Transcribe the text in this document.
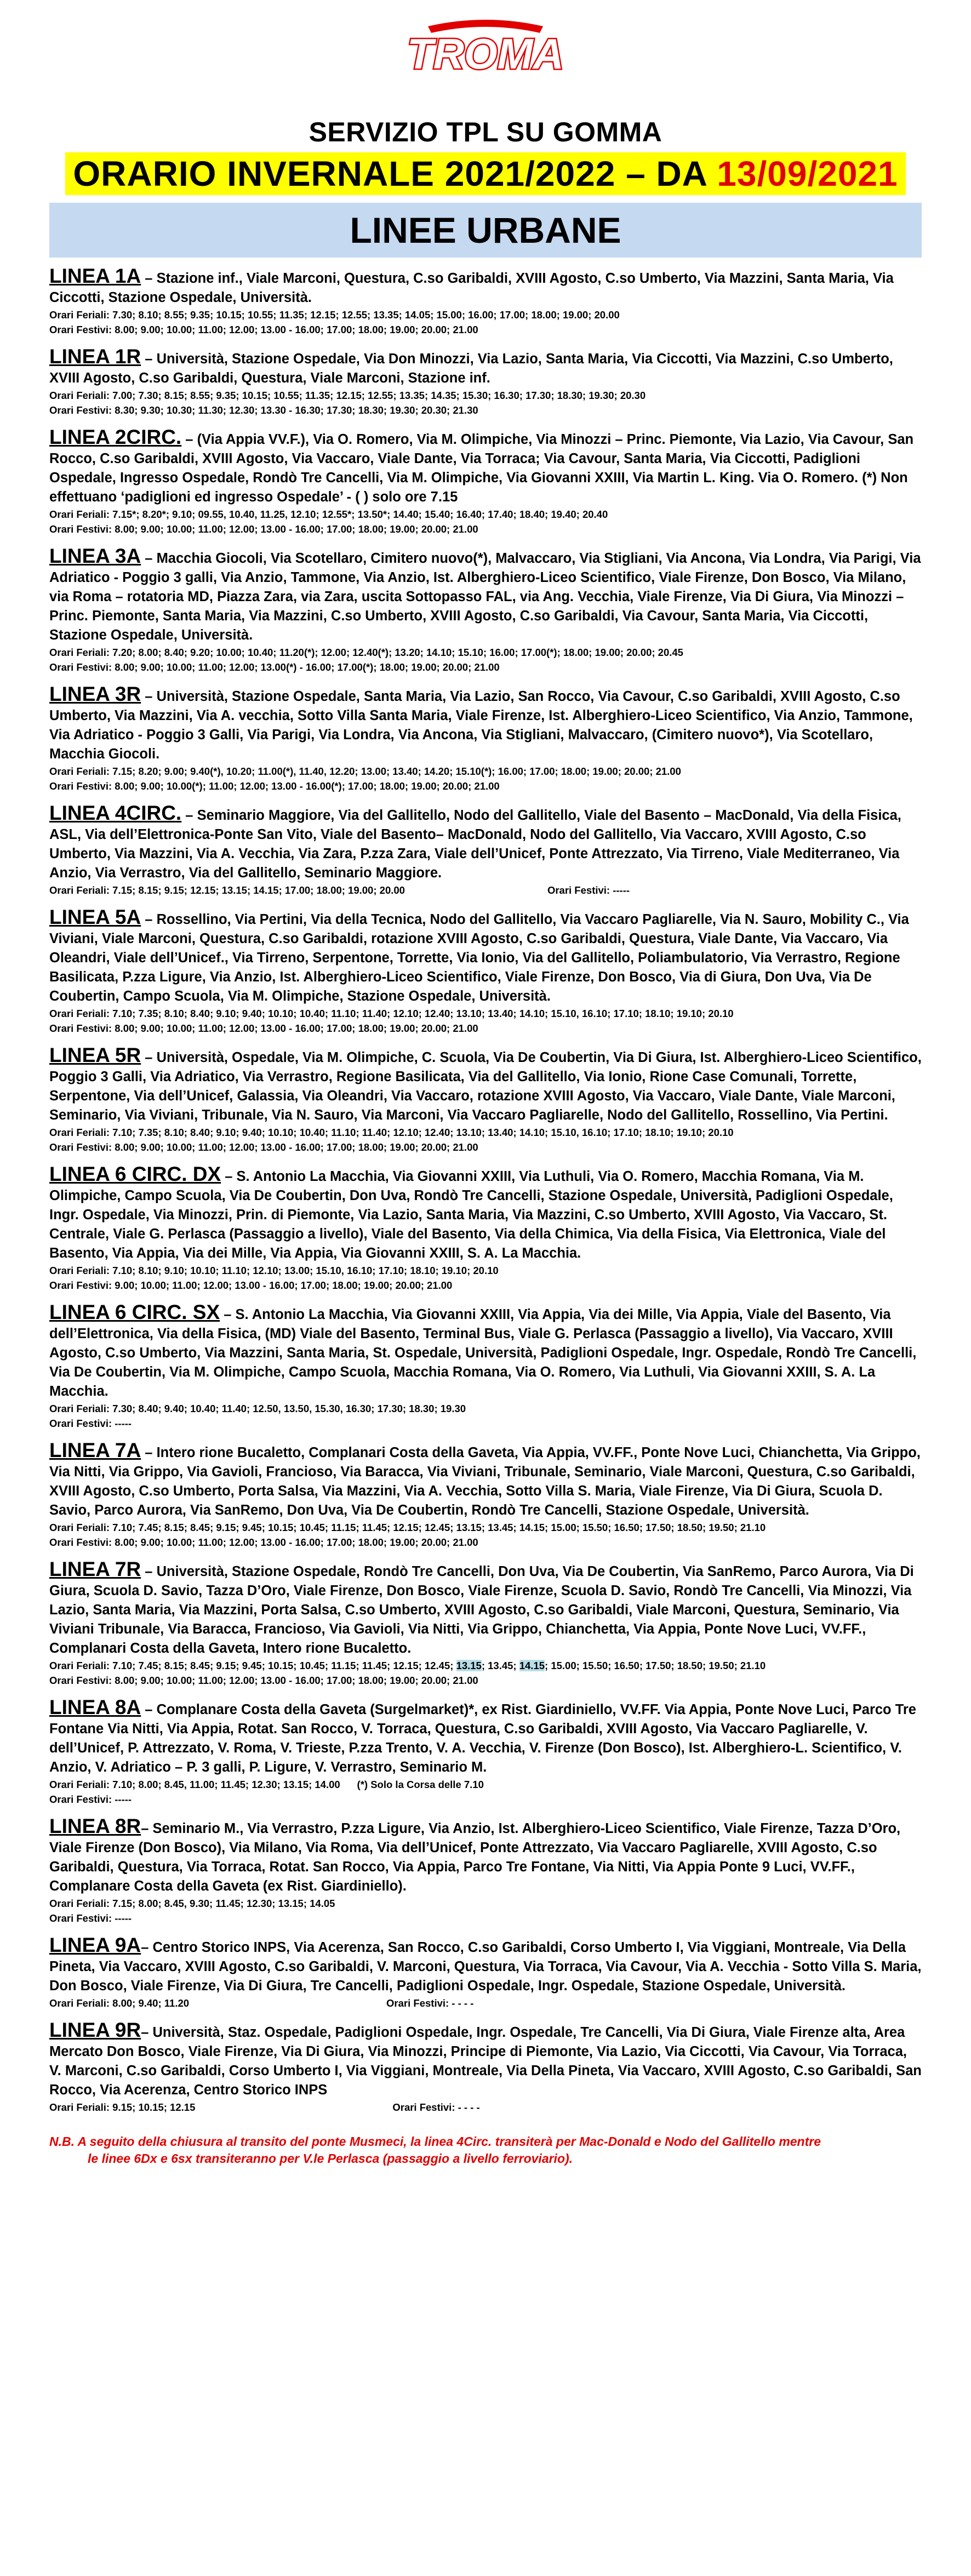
TROMA
SERVIZIO TPL SU GOMMA
ORARIO INVERNALE 2021/2022 – DA 13/09/2021
LINEE URBANE
LINEA 1A – Stazione inf., Viale Marconi, Questura, C.so Garibaldi, XVIII Agosto, C.so Umberto, Via Mazzini, Santa Maria, Via Ciccotti, Stazione Ospedale, Università.
Orari Feriali: 7.30; 8.10; 8.55; 9.35; 10.15; 10.55; 11.35; 12.15; 12.55; 13.35; 14.05; 15.00; 16.00; 17.00; 18.00; 19.00; 20.00
Orari Festivi: 8.00; 9.00; 10.00; 11.00; 12.00; 13.00 - 16.00; 17.00; 18.00; 19.00; 20.00; 21.00
LINEA 1R – Università, Stazione Ospedale, Via Don Minozzi, Via Lazio, Santa Maria, Via Ciccotti, Via Mazzini, C.so Umberto, XVIII Agosto, C.so Garibaldi, Questura, Viale Marconi, Stazione inf.
Orari Feriali: 7.00; 7.30; 8.15; 8.55; 9.35; 10.15; 10.55; 11.35; 12.15; 12.55; 13.35; 14.35; 15.30; 16.30; 17.30; 18.30; 19.30; 20.30
Orari Festivi: 8.30; 9.30; 10.30; 11.30; 12.30; 13.30 - 16.30; 17.30; 18.30; 19.30; 20.30; 21.30
LINEA 2CIRC. – (Via Appia VV.F.), Via O. Romero, Via M. Olimpiche, Via Minozzi – Princ. Piemonte, Via Lazio, Via Cavour, San Rocco, C.so Garibaldi, XVIII Agosto, Via Vaccaro, Viale Dante, Via Torraca; Via Cavour, Santa Maria, Via Ciccotti, Padiglioni Ospedale, Ingresso Ospedale, Rondò Tre Cancelli, Via M. Olimpiche, Via Giovanni XXIII, Via Martin L. King. Via O. Romero. (*) Non effettuano ‘padiglioni ed ingresso Ospedale’ - ( ) solo ore 7.15
Orari Feriali: 7.15*; 8.20*; 9.10; 09.55, 10.40, 11.25, 12.10; 12.55*; 13.50*; 14.40; 15.40; 16.40; 17.40; 18.40; 19.40; 20.40
Orari Festivi: 8.00; 9.00; 10.00; 11.00; 12.00; 13.00 - 16.00; 17.00; 18.00; 19.00; 20.00; 21.00
LINEA 3A – Macchia Giocoli, Via Scotellaro, Cimitero nuovo(*), Malvaccaro, Via Stigliani, Via Ancona, Via Londra, Via Parigi, Via Adriatico - Poggio 3 galli, Via Anzio, Tammone, Via Anzio, Ist. Alberghiero-Liceo Scientifico, Viale Firenze, Don Bosco, Via Milano, via Roma – rotatoria MD, Piazza Zara, via Zara, uscita Sottopasso FAL, via Ang. Vecchia, Viale Firenze, Via Di Giura, Via Minozzi – Princ. Piemonte, Santa Maria, Via Mazzini, C.so Umberto, XVIII Agosto, C.so Garibaldi, Via Cavour, Santa Maria, Via Ciccotti, Stazione Ospedale, Università.
Orari Feriali: 7.20; 8.00; 8.40; 9.20; 10.00; 10.40; 11.20(*); 12.00; 12.40(*); 13.20; 14.10; 15.10; 16.00; 17.00(*); 18.00; 19.00; 20.00; 20.45
Orari Festivi: 8.00; 9.00; 10.00; 11.00; 12.00; 13.00(*) - 16.00; 17.00(*); 18.00; 19.00; 20.00; 21.00
LINEA 3R – Università, Stazione Ospedale, Santa Maria, Via Lazio, San Rocco, Via Cavour, C.so Garibaldi, XVIII Agosto, C.so Umberto, Via Mazzini, Via A. vecchia, Sotto Villa Santa Maria, Viale Firenze, Ist. Alberghiero-Liceo Scientifico, Via Anzio, Tammone, Via Adriatico - Poggio 3 Galli, Via Parigi, Via Londra, Via Ancona, Via Stigliani, Malvaccaro, (Cimitero nuovo*), Via Scotellaro, Macchia Giocoli.
Orari Feriali: 7.15; 8.20; 9.00; 9.40(*), 10.20; 11.00(*), 11.40, 12.20; 13.00; 13.40; 14.20; 15.10(*); 16.00; 17.00; 18.00; 19.00; 20.00; 21.00
Orari Festivi: 8.00; 9.00; 10.00(*); 11.00; 12.00; 13.00 - 16.00(*); 17.00; 18.00; 19.00; 20.00; 21.00
LINEA 4CIRC. – Seminario Maggiore, Via del Gallitello, Nodo del Gallitello, Viale del Basento – MacDonald, Via della Fisica, ASL, Via dell’Elettronica-Ponte San Vito, Viale del Basento– MacDonald, Nodo del Gallitello, Via Vaccaro, XVIII Agosto, C.so Umberto, Via Mazzini, Via A. Vecchia, Via Zara, P.zza Zara, Viale dell’Unicef, Ponte Attrezzato, Via Tirreno, Viale Mediterraneo, Via Anzio, Via Verrastro, Via del Gallitello, Seminario Maggiore.
Orari Feriali: 7.15; 8.15; 9.15; 12.15; 13.15; 14.15; 17.00; 18.00; 19.00; 20.00	Orari Festivi: -----
LINEA 5A – Rossellino, Via Pertini, Via della Tecnica, Nodo del Gallitello, Via Vaccaro Pagliarelle, Via N. Sauro, Mobility C., Via Viviani, Viale Marconi, Questura, C.so Garibaldi, rotazione XVIII Agosto, C.so Garibaldi, Questura, Viale Dante, Via Vaccaro, Via Oleandri, Viale dell’Unicef., Via Tirreno, Serpentone, Torrette, Via Ionio, Via del Gallitello, Poliambulatorio, Via Verrastro, Regione Basilicata, P.zza Ligure, Via Anzio, Ist. Alberghiero-Liceo Scientifico, Viale Firenze, Don Bosco, Via di Giura, Don Uva, Via De Coubertin, Campo Scuola, Via M. Olimpiche, Stazione Ospedale, Università.
Orari Feriali: 7.10; 7.35; 8.10; 8.40; 9.10; 9.40; 10.10; 10.40; 11.10; 11.40; 12.10; 12.40; 13.10; 13.40; 14.10; 15.10, 16.10; 17.10; 18.10; 19.10; 20.10
Orari Festivi: 8.00; 9.00; 10.00; 11.00; 12.00; 13.00 - 16.00; 17.00; 18.00; 19.00; 20.00; 21.00
LINEA 5R – Università, Ospedale, Via M. Olimpiche, C. Scuola, Via De Coubertin, Via Di Giura, Ist. Alberghiero-Liceo Scientifico, Poggio 3 Galli, Via Adriatico, Via Verrastro, Regione Basilicata, Via del Gallitello, Via Ionio, Rione Case Comunali, Torrette, Serpentone, Via dell’Unicef, Galassia, Via Oleandri, Via Vaccaro, rotazione XVIII Agosto, Via Vaccaro, Viale Dante, Viale Marconi, Seminario, Via Viviani, Tribunale, Via N. Sauro, Via Marconi, Via Vaccaro Pagliarelle, Nodo del Gallitello, Rossellino, Via Pertini.
Orari Feriali: 7.10; 7.35; 8.10; 8.40; 9.10; 9.40; 10.10; 10.40; 11.10; 11.40; 12.10; 12.40; 13.10; 13.40; 14.10; 15.10, 16.10; 17.10; 18.10; 19.10; 20.10
Orari Festivi: 8.00; 9.00; 10.00; 11.00; 12.00; 13.00 - 16.00; 17.00; 18.00; 19.00; 20.00; 21.00
LINEA 6 CIRC. DX – S. Antonio La Macchia, Via Giovanni XXIII, Via Luthuli, Via O. Romero, Macchia Romana, Via M. Olimpiche, Campo Scuola, Via De Coubertin, Don Uva, Rondò Tre Cancelli, Stazione Ospedale, Università, Padiglioni Ospedale, Ingr. Ospedale, Via Minozzi, Prin. di Piemonte, Via Lazio, Santa Maria, Via Mazzini, C.so Umberto, XVIII Agosto, Via Vaccaro, St. Centrale, Viale G. Perlasca (Passaggio a livello), Viale del Basento, Via della Chimica, Via della Fisica, Via Elettronica, Viale del Basento, Via Appia, Via dei Mille, Via Appia, Via Giovanni XXIII, S. A. La Macchia.
Orari Feriali: 7.10; 8.10; 9.10; 10.10; 11.10; 12.10; 13.00; 15.10, 16.10; 17.10; 18.10; 19.10; 20.10
Orari Festivi: 9.00; 10.00; 11.00; 12.00; 13.00 - 16.00; 17.00; 18.00; 19.00; 20.00; 21.00
LINEA 6 CIRC. SX – S. Antonio La Macchia, Via Giovanni XXIII, Via Appia, Via dei Mille, Via Appia, Viale del Basento, Via dell’Elettronica, Via della Fisica, (MD) Viale del Basento, Terminal Bus, Viale G. Perlasca (Passaggio a livello), Via Vaccaro, XVIII Agosto, C.so Umberto, Via Mazzini, Santa Maria, St. Ospedale, Università, Padiglioni Ospedale, Ingr. Ospedale, Rondò Tre Cancelli, Via De Coubertin, Via M. Olimpiche, Campo Scuola, Macchia Romana, Via O. Romero, Via Luthuli, Via Giovanni XXIII, S. A. La Macchia.
Orari Feriali: 7.30; 8.40; 9.40; 10.40; 11.40; 12.50, 13.50, 15.30, 16.30; 17.30; 18.30; 19.30
Orari Festivi: -----
LINEA 7A – Intero rione Bucaletto, Complanari Costa della Gaveta, Via Appia, VV.FF., Ponte Nove Luci, Chianchetta, Via Grippo, Via Nitti, Via Grippo, Via Gavioli, Francioso, Via Baracca, Via Viviani, Tribunale, Seminario, Viale Marconi, Questura, C.so Garibaldi, XVIII Agosto, C.so Umberto, Porta Salsa, Via Mazzini, Via A. Vecchia, Sotto Villa S. Maria, Viale Firenze, Via Di Giura, Scuola D. Savio, Parco Aurora, Via SanRemo, Don Uva, Via De Coubertin, Rondò Tre Cancelli, Stazione Ospedale, Università.
Orari Feriali: 7.10; 7.45; 8.15; 8.45; 9.15; 9.45; 10.15; 10.45; 11.15; 11.45; 12.15; 12.45; 13.15; 13.45; 14.15; 15.00; 15.50; 16.50; 17.50; 18.50; 19.50; 21.10
Orari Festivi: 8.00; 9.00; 10.00; 11.00; 12.00; 13.00 - 16.00; 17.00; 18.00; 19.00; 20.00; 21.00
LINEA 7R – Università, Stazione Ospedale, Rondò Tre Cancelli, Don Uva, Via De Coubertin, Via SanRemo, Parco Aurora, Via Di Giura, Scuola D. Savio, Tazza D’Oro, Viale Firenze, Don Bosco, Viale Firenze, Scuola D. Savio, Rondò Tre Cancelli, Via Minozzi, Via Lazio, Santa Maria, Via Mazzini, Porta Salsa, C.so Umberto, XVIII Agosto, C.so Garibaldi, Viale Marconi, Questura, Seminario, Via Viviani Tribunale, Via Baracca, Francioso, Via Gavioli, Via Nitti, Via Grippo, Chianchetta, Via Appia, Ponte Nove Luci, VV.FF., Complanari Costa della Gaveta, Intero rione Bucaletto.
Orari Feriali: 7.10; 7.45; 8.15; 8.45; 9.15; 9.45; 10.15; 10.45; 11.15; 11.45; 12.15; 12.45; 13.15; 13.45; 14.15; 15.00; 15.50; 16.50; 17.50; 18.50; 19.50; 21.10
Orari Festivi: 8.00; 9.00; 10.00; 11.00; 12.00; 13.00 - 16.00; 17.00; 18.00; 19.00; 20.00; 21.00
LINEA 8A – Complanare Costa della Gaveta (Surgelmarket)*, ex Rist. Giardiniello, VV.FF. Via Appia, Ponte Nove Luci, Parco Tre Fontane Via Nitti, Via Appia, Rotat. San Rocco, V. Torraca, Questura, C.so Garibaldi, XVIII Agosto, Via Vaccaro Pagliarelle, V. dell’Unicef, P. Attrezzato, V. Roma, V. Trieste, P.zza Trento, V. A. Vecchia, V. Firenze (Don Bosco), Ist. Alberghiero-L. Scientifico, V. Anzio, V. Adriatico – P. 3 galli, P. Ligure, V. Verrastro, Seminario M.
Orari Feriali: 7.10; 8.00; 8.45, 11.00; 11.45; 12.30; 13.15; 14.00 (*) Solo la Corsa delle 7.10
Orari Festivi: -----
LINEA 8R– Seminario M., Via Verrastro, P.zza Ligure, Via Anzio, Ist. Alberghiero-Liceo Scientifico, Viale Firenze, Tazza D’Oro, Viale Firenze (Don Bosco), Via Milano, Via Roma, Via dell’Unicef, Ponte Attrezzato, Via Vaccaro Pagliarelle, XVIII Agosto, C.so Garibaldi, Questura, Via Torraca, Rotat. San Rocco, Via Appia, Parco Tre Fontane, Via Nitti, Via Appia Ponte 9 Luci, VV.FF., Complanare Costa della Gaveta (ex Rist. Giardiniello).
Orari Feriali: 7.15; 8.00; 8.45, 9.30; 11.45; 12.30; 13.15; 14.05
Orari Festivi: -----
LINEA 9A– Centro Storico INPS, Via Acerenza, San Rocco, C.so Garibaldi, Corso Umberto I, Via Viggiani, Montreale, Via Della Pineta, Via Vaccaro, XVIII Agosto, C.so Garibaldi, V. Marconi, Questura, Via Torraca, Via Cavour, Via A. Vecchia - Sotto Villa S. Maria, Don Bosco, Viale Firenze, Via Di Giura, Tre Cancelli, Padiglioni Ospedale, Ingr. Ospedale, Stazione Ospedale, Università.
Orari Feriali: 8.00; 9.40; 11.20	Orari Festivi: - - - -
LINEA 9R– Università, Staz. Ospedale, Padiglioni Ospedale, Ingr. Ospedale, Tre Cancelli, Via Di Giura, Viale Firenze alta, Area Mercato Don Bosco, Viale Firenze, Via Di Giura, Via Minozzi, Principe di Piemonte, Via Lazio, Via Ciccotti, Via Cavour, Via Torraca, V. Marconi, C.so Garibaldi, Corso Umberto I, Via Viggiani, Montreale, Via Della Pineta, Via Vaccaro, XVIII Agosto, C.so Garibaldi, San Rocco, Via Acerenza, Centro Storico INPS
Orari Feriali: 9.15; 10.15; 12.15	Orari Festivi: - - - -
N.B. A seguito della chiusura al transito del ponte Musmeci, la linea 4Circ. transiterà per Mac-Donald e Nodo del Gallitello mentre
le linee 6Dx e 6sx transiteranno per V.le Perlasca (passaggio a livello ferroviario).
